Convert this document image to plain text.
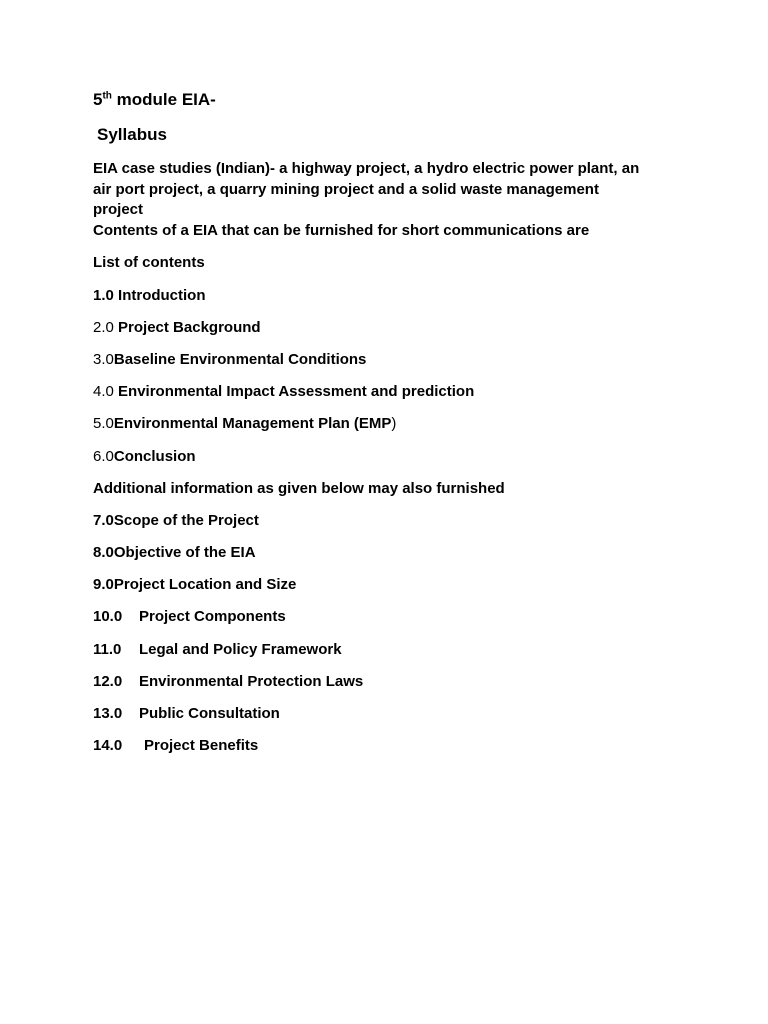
5th module EIA-
Syllabus
EIA case studies (Indian)- a highway project, a hydro electric power plant, an
air port project, a quarry mining project and a solid waste management
project
Contents of a EIA that can be furnished for short communications are
List of contents
1.0 Introduction
2.0 Project Background
3.0Baseline Environmental Conditions
4.0 Environmental Impact Assessment and prediction
5.0Environmental Management Plan (EMP)
6.0Conclusion
Additional information as given below may also furnished
7.0Scope of the Project
8.0Objective of the EIA
9.0Project Location and Size
10.0 Project Components
11.0 Legal and Policy Framework
12.0 Environmental Protection Laws
13.0 Public Consultation
14.0 Project Benefits
